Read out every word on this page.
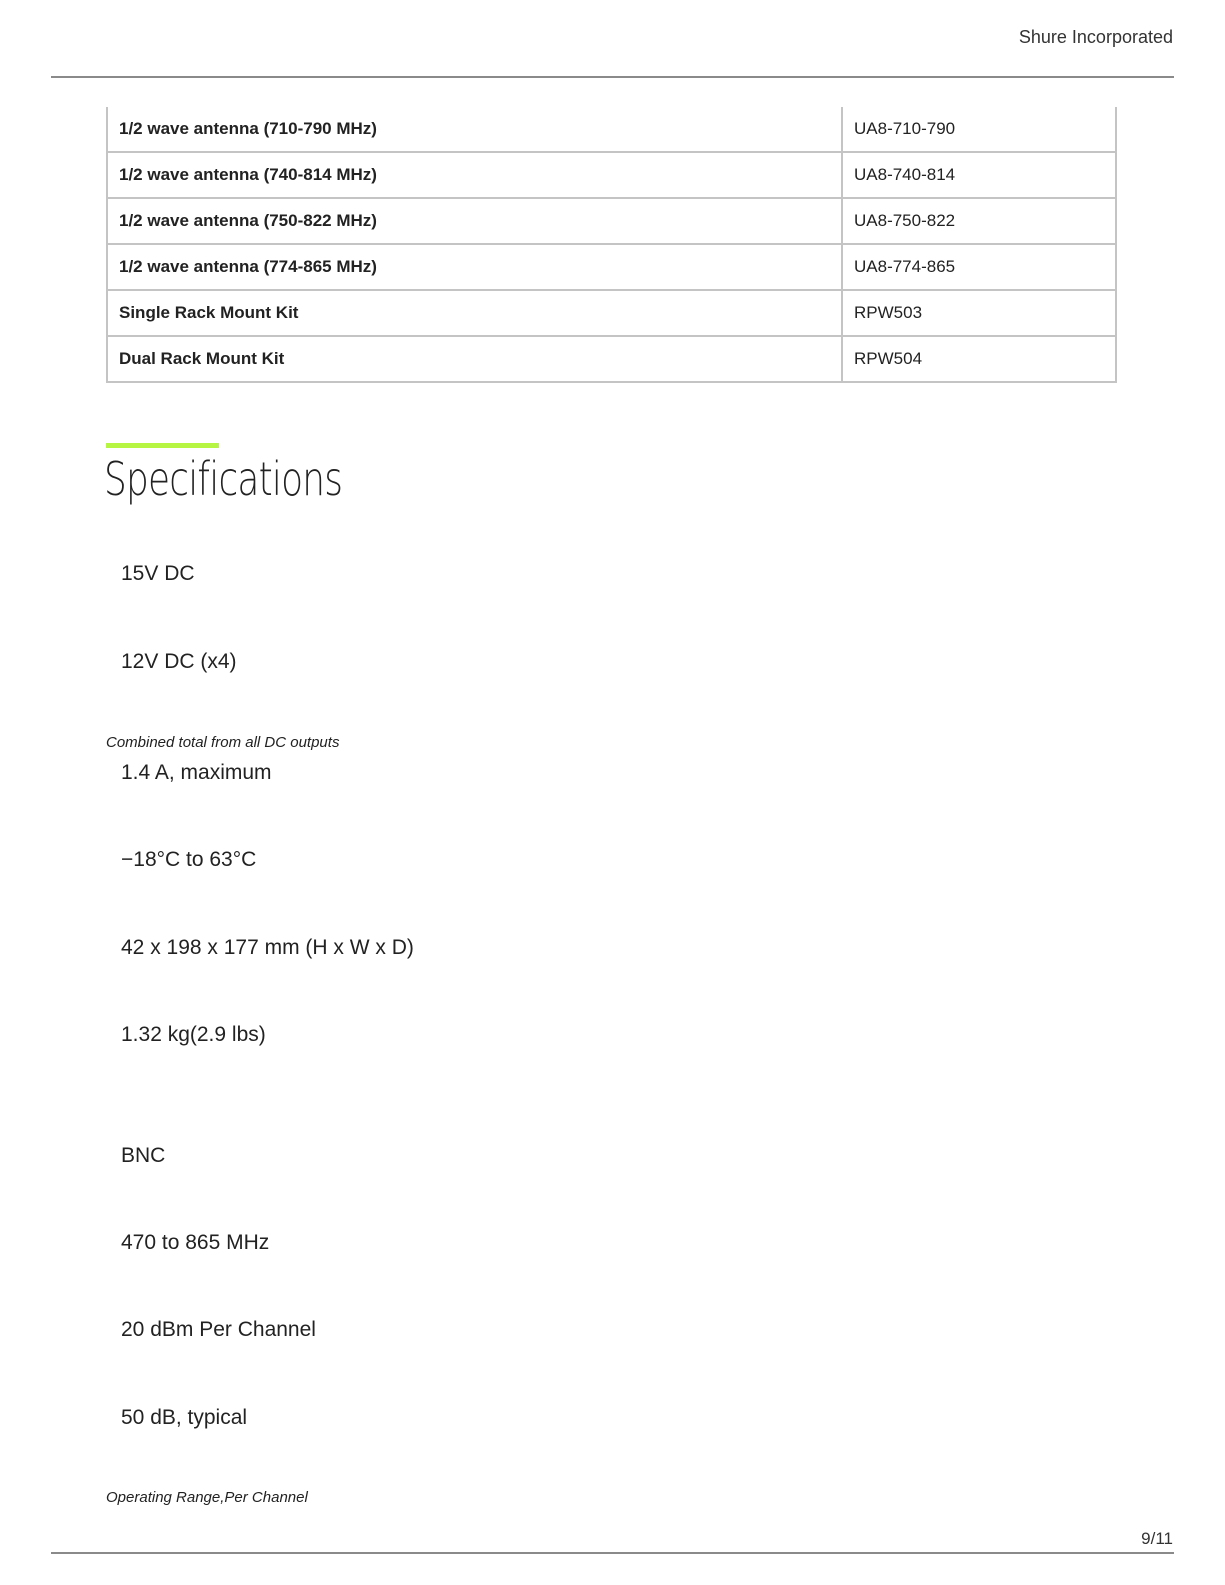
Shure Incorporated
1/2 wave antenna (710-790 MHz)	UA8-710-790
1/2 wave antenna (740-814 MHz)	UA8-740-814
1/2 wave antenna (750-822 MHz)	UA8-750-822
1/2 wave antenna (774-865 MHz)	UA8-774-865
Single Rack Mount Kit	RPW503
Dual Rack Mount Kit	RPW504
Specifications
15V DC
12V DC (x4)
Combined total from all DC outputs
1.4 A, maximum
−18°C to 63°C
42 x 198 x 177 mm (H x W x D)
1.32 kg(2.9 lbs)
BNC
470 to 865 MHz
20 dBm Per Channel
50 dB, typical
Operating Range,Per Channel
9/11
